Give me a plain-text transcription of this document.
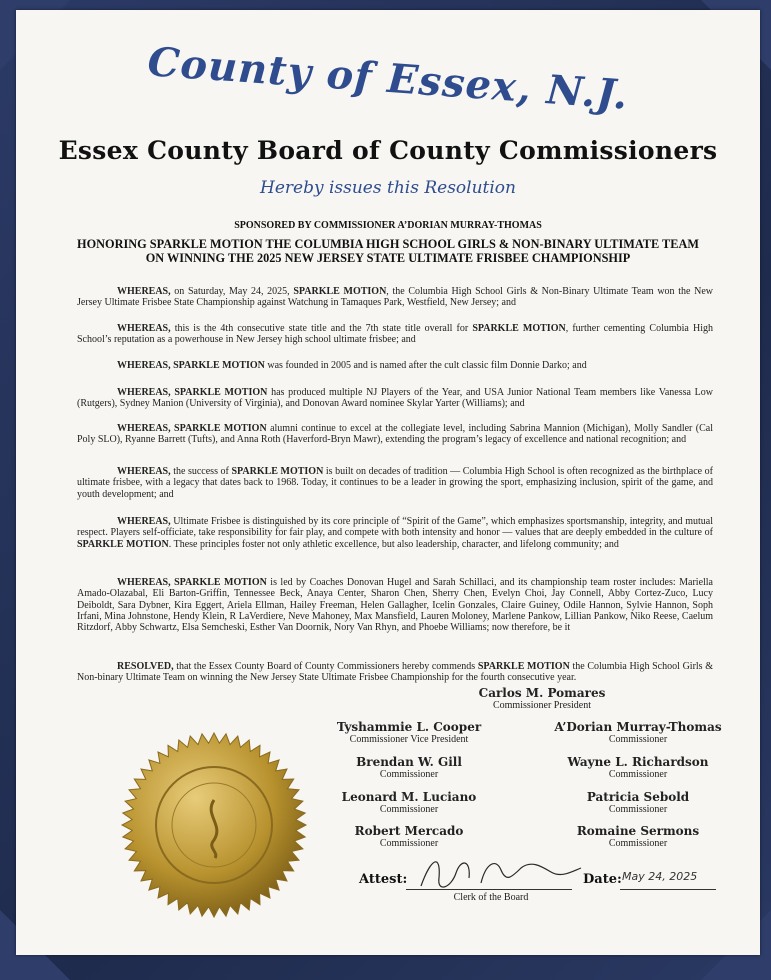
County of Essex, N.J.
Essex County Board of County Commissioners
Hereby issues this Resolution
SPONSORED BY COMMISSIONER A’DORIAN MURRAY-THOMAS
HONORING SPARKLE MOTION THE COLUMBIA HIGH SCHOOL GIRLS & NON-BINARY ULTIMATE TEAM ON WINNING THE 2025 NEW JERSEY STATE ULTIMATE FRISBEE CHAMPIONSHIP

WHEREAS, on Saturday, May 24, 2025, SPARKLE MOTION, the Columbia High School Girls & Non-Binary Ultimate Team won the New Jersey Ultimate Frisbee State Championship against Watchung in Tamaques Park, Westfield, New Jersey; and

WHEREAS, this is the 4th consecutive state title and the 7th state title overall for SPARKLE MOTION, further cementing Columbia High School’s reputation as a powerhouse in New Jersey high school ultimate frisbee; and

WHEREAS, SPARKLE MOTION was founded in 2005 and is named after the cult classic film Donnie Darko; and

WHEREAS, SPARKLE MOTION has produced multiple NJ Players of the Year, and USA Junior National Team members like Vanessa Low (Rutgers), Sydney Manion (University of Virginia), and Donovan Award nominee Skylar Yarter (Williams); and

WHEREAS, SPARKLE MOTION alumni continue to excel at the collegiate level, including Sabrina Mannion (Michigan), Molly Sandler (Cal Poly SLO), Ryanne Barrett (Tufts), and Anna Roth (Haverford-Bryn Mawr), extending the program’s legacy of excellence and national recognition; and

WHEREAS, the success of SPARKLE MOTION is built on decades of tradition — Columbia High School is often recognized as the birthplace of ultimate frisbee, with a legacy that dates back to 1968. Today, it continues to be a leader in growing the sport, emphasizing inclusion, spirit of the game, and youth development; and

WHEREAS, Ultimate Frisbee is distinguished by its core principle of “Spirit of the Game”, which emphasizes sportsmanship, integrity, and mutual respect. Players self-officiate, take responsibility for fair play, and compete with both intensity and honor — values that are deeply embedded in the culture of SPARKLE MOTION. These principles foster not only athletic excellence, but also leadership, character, and lifelong community; and

WHEREAS, SPARKLE MOTION is led by Coaches Donovan Hugel and Sarah Schillaci, and its championship team roster includes: Mariella Amado-Olazabal, Eli Barton-Griffin, Tennessee Beck, Anaya Center, Sharon Chen, Sherry Chen, Evelyn Choi, Jay Connell, Abby Cortez-Zuco, Lucy Deiboldt, Sara Dybner, Kira Eggert, Ariela Ellman, Hailey Freeman, Helen Gallagher, Icelin Gonzales, Claire Guiney, Odile Hannon, Sylvie Hannon, Soph Irfani, Mina Johnstone, Hendy Klein, R LaVerdiere, Neve Mahoney, Max Mansfield, Lauren Moloney, Marlene Pankow, Lillian Pankow, Niko Reese, Caelum Ritzdorf, Abby Schwartz, Elsa Semcheski, Esther Van Doornik, Nory Van Rhyn, and Phoebe Williams; now therefore, be it

RESOLVED, that the Essex County Board of County Commissioners hereby commends SPARKLE MOTION the Columbia High School Girls & Non-binary Ultimate Team on winning the New Jersey State Ultimate Frisbee Championship for the fourth consecutive year.

Carlos M. Pomares
Commissioner President
Tyshammie L. Cooper
Commissioner Vice President
A’Dorian Murray-Thomas
Commissioner
Brendan W. Gill
Commissioner
Wayne L. Richardson
Commissioner
Leonard M. Luciano
Commissioner
Patricia Sebold
Commissioner
Robert Mercado
Commissioner
Romaine Sermons
Commissioner
Attest:
Clerk of the Board
Date: May 24, 2025
